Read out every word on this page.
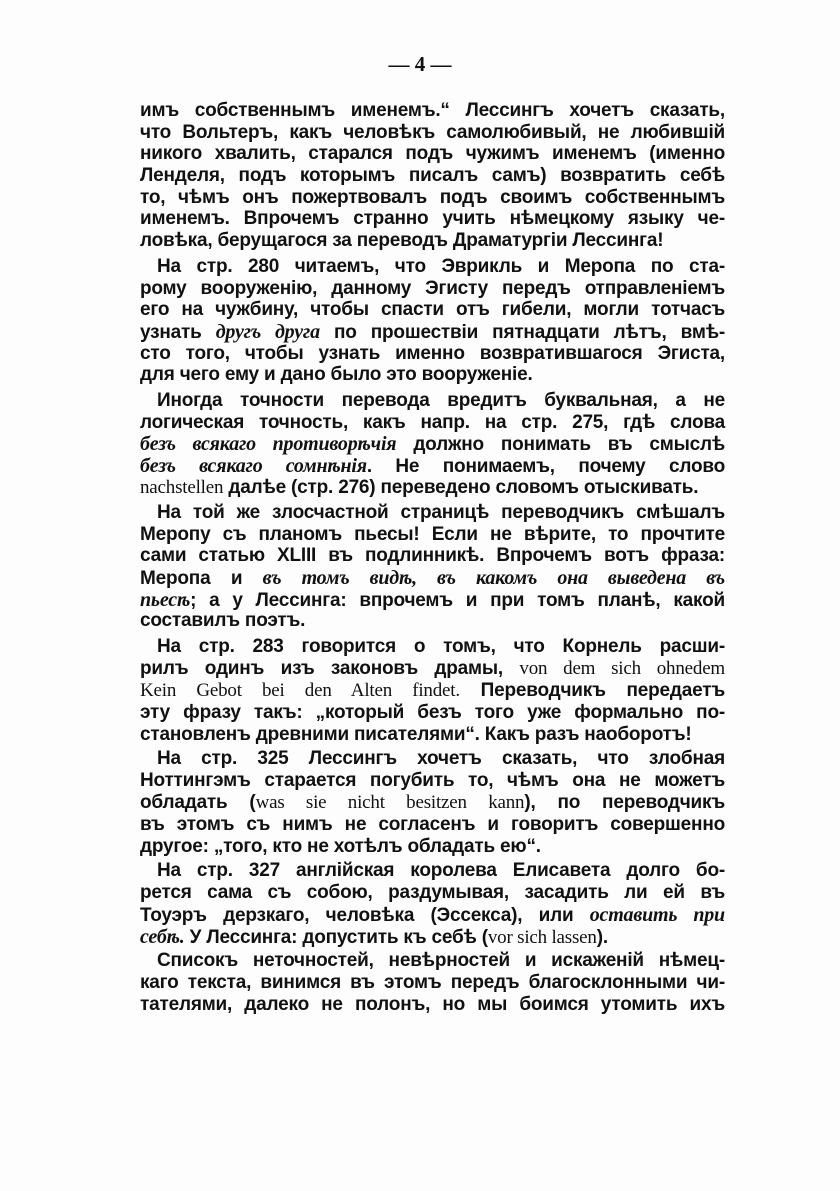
— 4 —
имъ собственнымъ именемъ.“ Лессингъ хочетъ сказать,
что Вольтеръ, какъ человѣкъ самолюбивый, не любившій
никого хвалить, старался подъ чужимъ именемъ (именно
Ленделя, подъ которымъ писалъ самъ) возвратить себѣ
то, чѣмъ онъ пожертвовалъ подъ своимъ собственнымъ
именемъ. Впрочемъ странно учить нѣмецкому языку че-
ловѣка, берущагося за переводъ Драматургіи Лессинга!
На стр. 280 читаемъ, что Эврикль и Меропа по ста-
рому вооруженію, данному Эгисту передъ отправленіемъ
его на чужбину, чтобы спасти отъ гибели, могли тотчасъ
узнать другъ друга по прошествіи пятнадцати лѣтъ, вмѣ-
сто того, чтобы узнать именно возвратившагося Эгиста,
для чего ему и дано было это вооруженіе.
Иногда точности перевода вредитъ буквальная, а не
логическая точность, какъ напр. на стр. 275, гдѣ слова
безъ всякаго противорѣчія должно понимать въ смыслѣ
безъ всякаго сомнѣнія. Не понимаемъ, почему слово
nachstellen далѣе (стр. 276) переведено словомъ отыскивать.
На той же злосчастной страницѣ переводчикъ смѣшалъ
Меропу съ планомъ пьесы! Если не вѣрите, то прочтите
сами статью XLIII въ подлинникѣ. Впрочемъ вотъ фраза:
Меропа и въ томъ видѣ, въ какомъ она выведена въ
пьесѣ; а у Лессинга: впрочемъ и при томъ планѣ, какой
составилъ поэтъ.
На стр. 283 говорится о томъ, что Корнель расши-
рилъ одинъ изъ законовъ драмы, von dem sich ohnedem
Kein Gebot bei den Alten findet. Переводчикъ передаетъ
эту фразу такъ: „который безъ того уже формально по-
становленъ древними писателями“. Какъ разъ наоборотъ!
На стр. 325 Лессингъ хочетъ сказать, что злобная
Ноттингэмъ старается погубить то, чѣмъ она не можетъ
обладать (was sie nicht besitzen kann), по переводчикъ
въ этомъ съ нимъ не согласенъ и говоритъ совершенно
другое: „того, кто не хотѣлъ обладать ею“.
На стр. 327 англійская королева Елисавета долго бо-
рется сама съ собою, раздумывая, засадить ли ей въ
Тоуэръ дерзкаго, человѣка (Эссекса), или оставить при
себѣ. У Лессинга: допустить къ себѣ (vor sich lassen).
Списокъ неточностей, невѣрностей и искаженій нѣмец-
каго текста, винимся въ этомъ передъ благосклонными чи-
тателями, далеко не полонъ, но мы боимся утомить ихъ
